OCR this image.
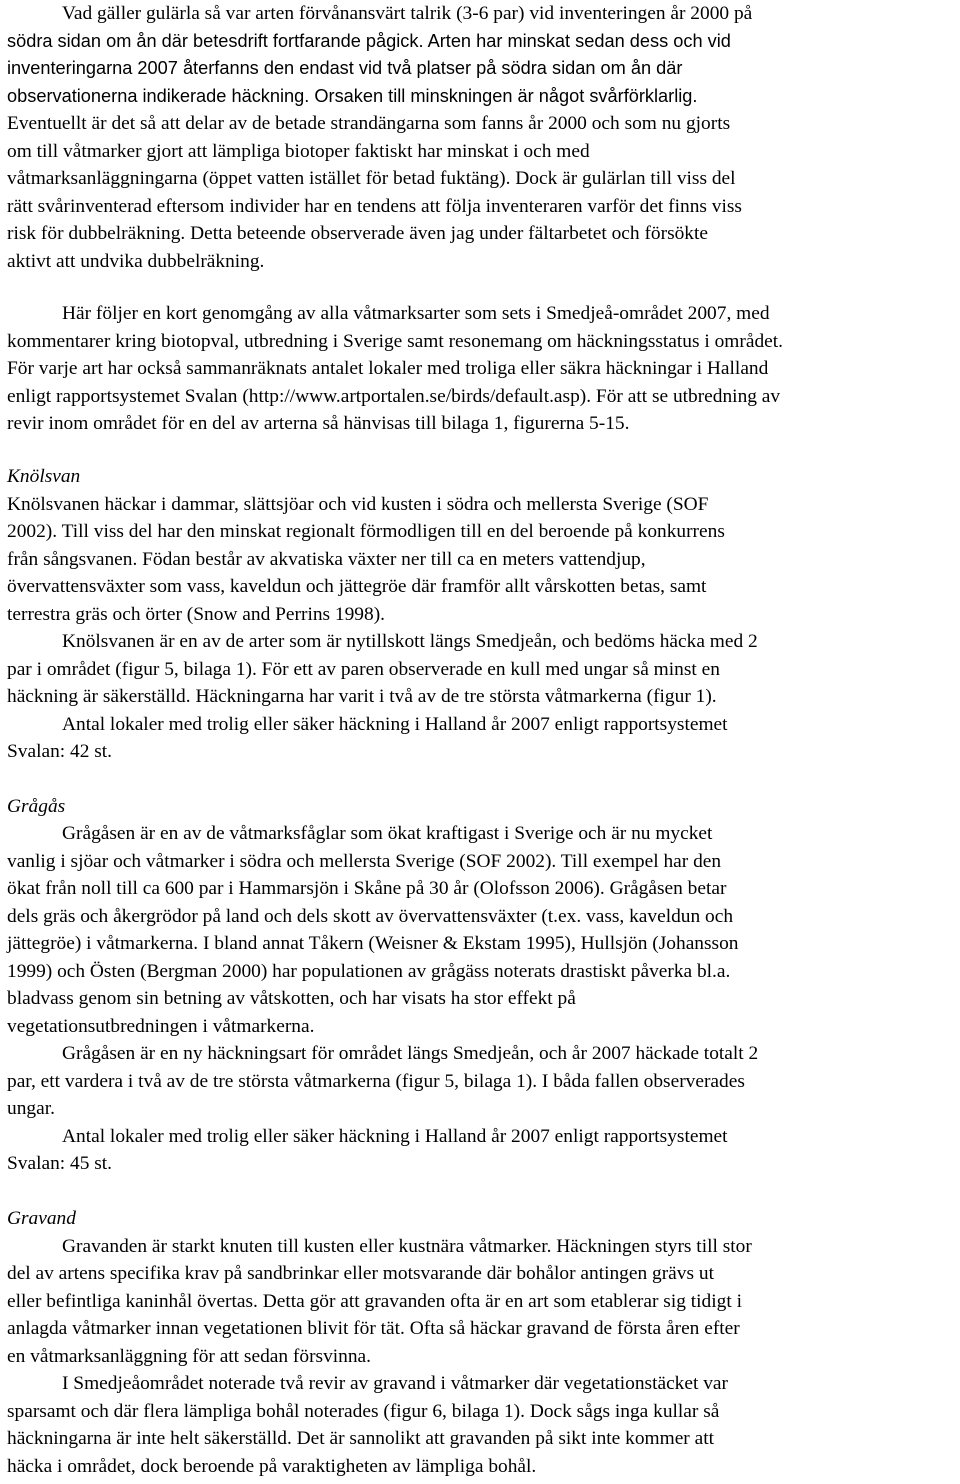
Vad gäller gulärla så var arten förvånansvärt talrik (3-6 par) vid inventeringen år 2000 på
södra sidan om ån där betesdrift fortfarande pågick. Arten har minskat sedan dess och vid
inventeringarna 2007 återfanns den endast vid två platser på södra sidan om ån där
observationerna indikerade häckning. Orsaken till minskningen är något svårförklarlig.
Eventuellt är det så att delar av de betade strandängarna som fanns år 2000 och som nu gjorts
om till våtmarker gjort att lämpliga biotoper faktiskt har minskat i och med
våtmarksanläggningarna (öppet vatten istället för betad fuktäng). Dock är gulärlan till viss del
rätt svårinventerad eftersom individer har en tendens att följa inventeraren varför det finns viss
risk för dubbelräkning. Detta beteende observerade även jag under fältarbetet och försökte
aktivt att undvika dubbelräkning.
Här följer en kort genomgång av alla våtmarksarter som sets i Smedjeå-området 2007, med
kommentarer kring biotopval, utbredning i Sverige samt resonemang om häckningsstatus i området.
För varje art har också sammanräknats antalet lokaler med troliga eller säkra häckningar i Halland
enligt rapportsystemet Svalan (http://www.artportalen.se/birds/default.asp). För att se utbredning av
revir inom området för en del av arterna så hänvisas till bilaga 1, figurerna 5-15.
Knölsvan
Knölsvanen häckar i dammar, slättsjöar och vid kusten i södra och mellersta Sverige (SOF
2002). Till viss del har den minskat regionalt förmodligen till en del beroende på konkurrens
från sångsvanen. Födan består av akvatiska växter ner till ca en meters vattendjup,
övervattensväxter som vass, kaveldun och jättegröe där framför allt vårskotten betas, samt
terrestra gräs och örter (Snow and Perrins 1998).
Knölsvanen är en av de arter som är nytillskott längs Smedjeån, och bedöms häcka med 2
par i området (figur 5, bilaga 1). För ett av paren observerade en kull med ungar så minst en
häckning är säkerställd. Häckningarna har varit i två av de tre största våtmarkerna (figur 1).
Antal lokaler med trolig eller säker häckning i Halland år 2007 enligt rapportsystemet
Svalan: 42 st.
Grågås
Grågåsen är en av de våtmarksfåglar som ökat kraftigast i Sverige och är nu mycket
vanlig i sjöar och våtmarker i södra och mellersta Sverige (SOF 2002). Till exempel har den
ökat från noll till ca 600 par i Hammarsjön i Skåne på 30 år (Olofsson 2006). Grågåsen betar
dels gräs och åkergrödor på land och dels skott av övervattensväxter (t.ex. vass, kaveldun och
jättegröe) i våtmarkerna. I bland annat Tåkern (Weisner & Ekstam 1995), Hullsjön (Johansson
1999) och Östen (Bergman 2000) har populationen av grågäss noterats drastiskt påverka bl.a.
bladvass genom sin betning av våtskotten, och har visats ha stor effekt på
vegetationsutbredningen i våtmarkerna.
Grågåsen är en ny häckningsart för området längs Smedjeån, och år 2007 häckade totalt 2
par, ett vardera i två av de tre största våtmarkerna (figur 5, bilaga 1). I båda fallen observerades
ungar.
Antal lokaler med trolig eller säker häckning i Halland år 2007 enligt rapportsystemet
Svalan: 45 st.
Gravand
Gravanden är starkt knuten till kusten eller kustnära våtmarker. Häckningen styrs till stor
del av artens specifika krav på sandbrinkar eller motsvarande där bohålor antingen grävs ut
eller befintliga kaninhål övertas. Detta gör att gravanden ofta är en art som etablerar sig tidigt i
anlagda våtmarker innan vegetationen blivit för tät. Ofta så häckar gravand de första åren efter
en våtmarksanläggning för att sedan försvinna.
I Smedjeåområdet noterade två revir av gravand i våtmarker där vegetationstäcket var
sparsamt och där flera lämpliga bohål noterades (figur 6, bilaga 1). Dock sågs inga kullar så
häckningarna är inte helt säkerställd. Det är sannolikt att gravanden på sikt inte kommer att
häcka i området, dock beroende på varaktigheten av lämpliga bohål.
